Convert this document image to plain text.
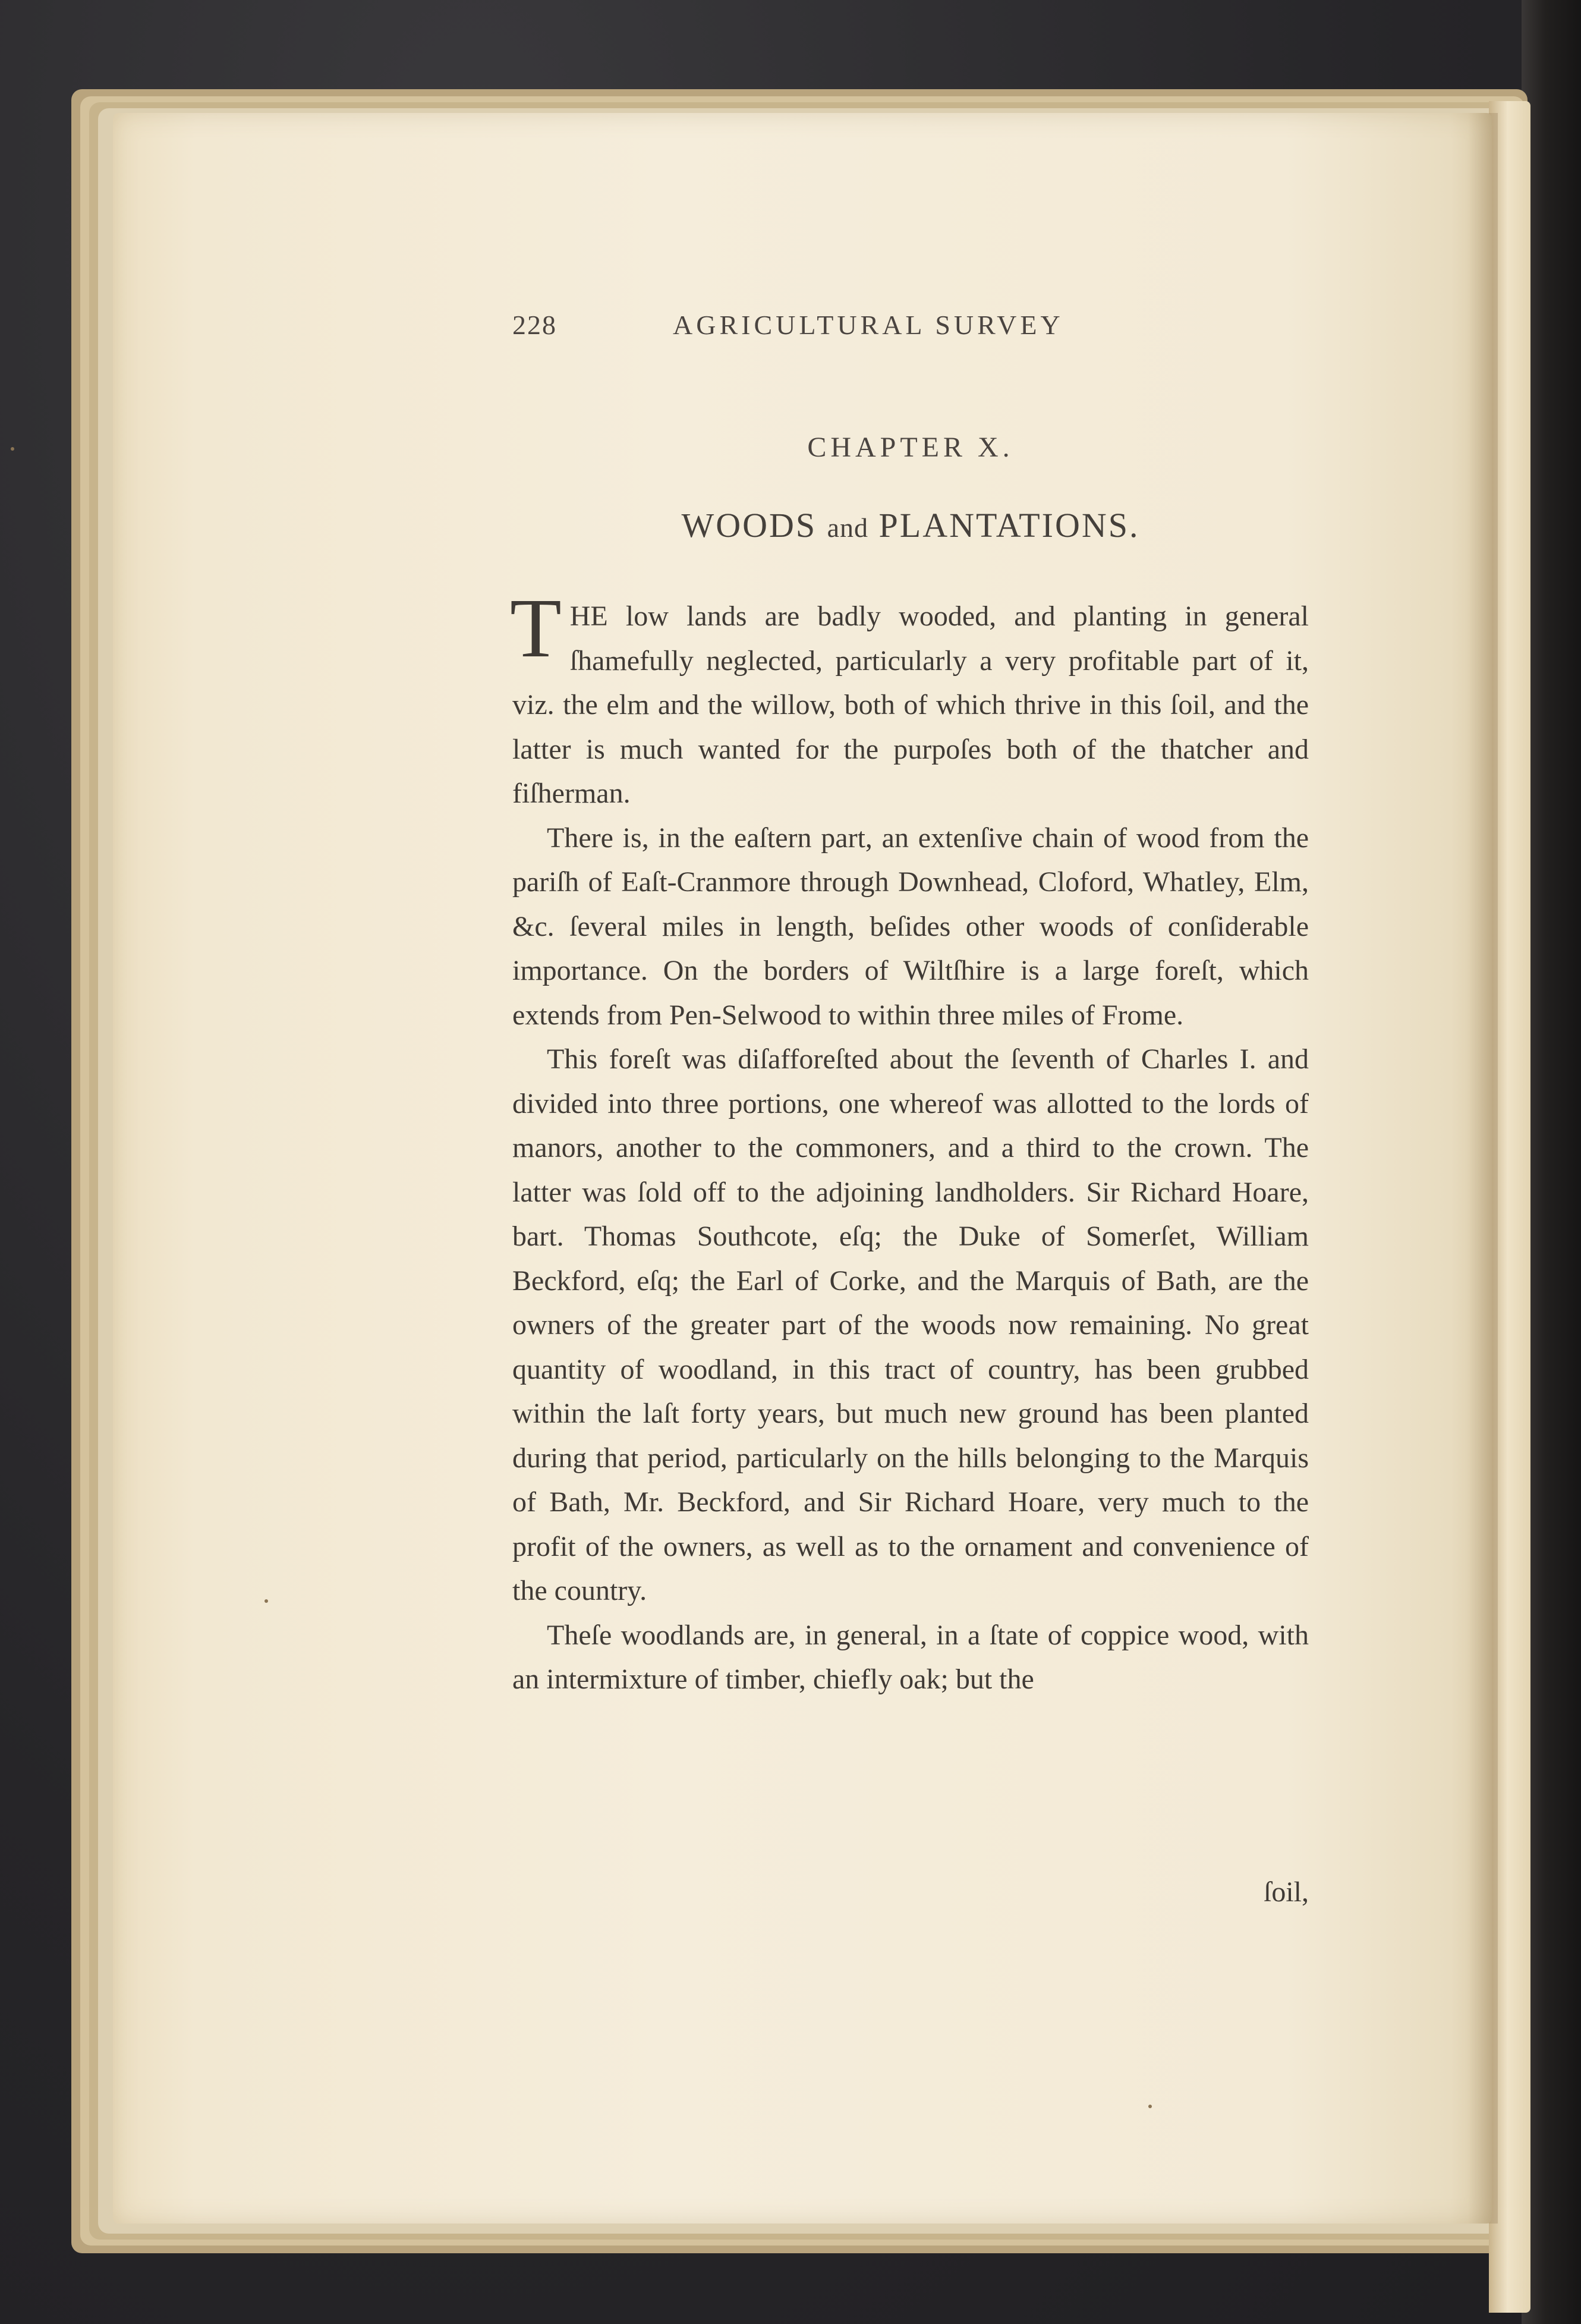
228	AGRICULTURAL SURVEY
CHAPTER X.
WOODS and PLANTATIONS.

THE low lands are badly wooded, and planting in general ſhamefully neglected, particularly a very profitable part of it, viz. the elm and the willow, both of which thrive in this ſoil, and the latter is much wanted for the purpoſes both of the thatcher and fiſherman.

There is, in the eaſtern part, an extenſive chain of wood from the pariſh of Eaſt-Cranmore through Downhead, Cloford, Whatley, Elm, &c. ſeveral miles in length, beſides other woods of conſiderable importance. On the borders of Wiltſhire is a large foreſt, which extends from Pen-Selwood to within three miles of Frome.

This foreſt was diſafforeſted about the ſeventh of Charles I. and divided into three portions, one whereof was allotted to the lords of manors, another to the commoners, and a third to the crown. The latter was ſold off to the adjoining landholders. Sir Richard Hoare, bart. Thomas Southcote, eſq; the Duke of Somerſet, William Beckford, eſq; the Earl of Corke, and the Marquis of Bath, are the owners of the greater part of the woods now remaining. No great quantity of woodland, in this tract of country, has been grubbed within the laſt forty years, but much new ground has been planted during that period, particularly on the hills belonging to the Marquis of Bath, Mr. Beckford, and Sir Richard Hoare, very much to the profit of the owners, as well as to the ornament and convenience of the country.

Theſe woodlands are, in general, in a ſtate of coppice wood, with an intermixture of timber, chiefly oak; but the

ſoil,
